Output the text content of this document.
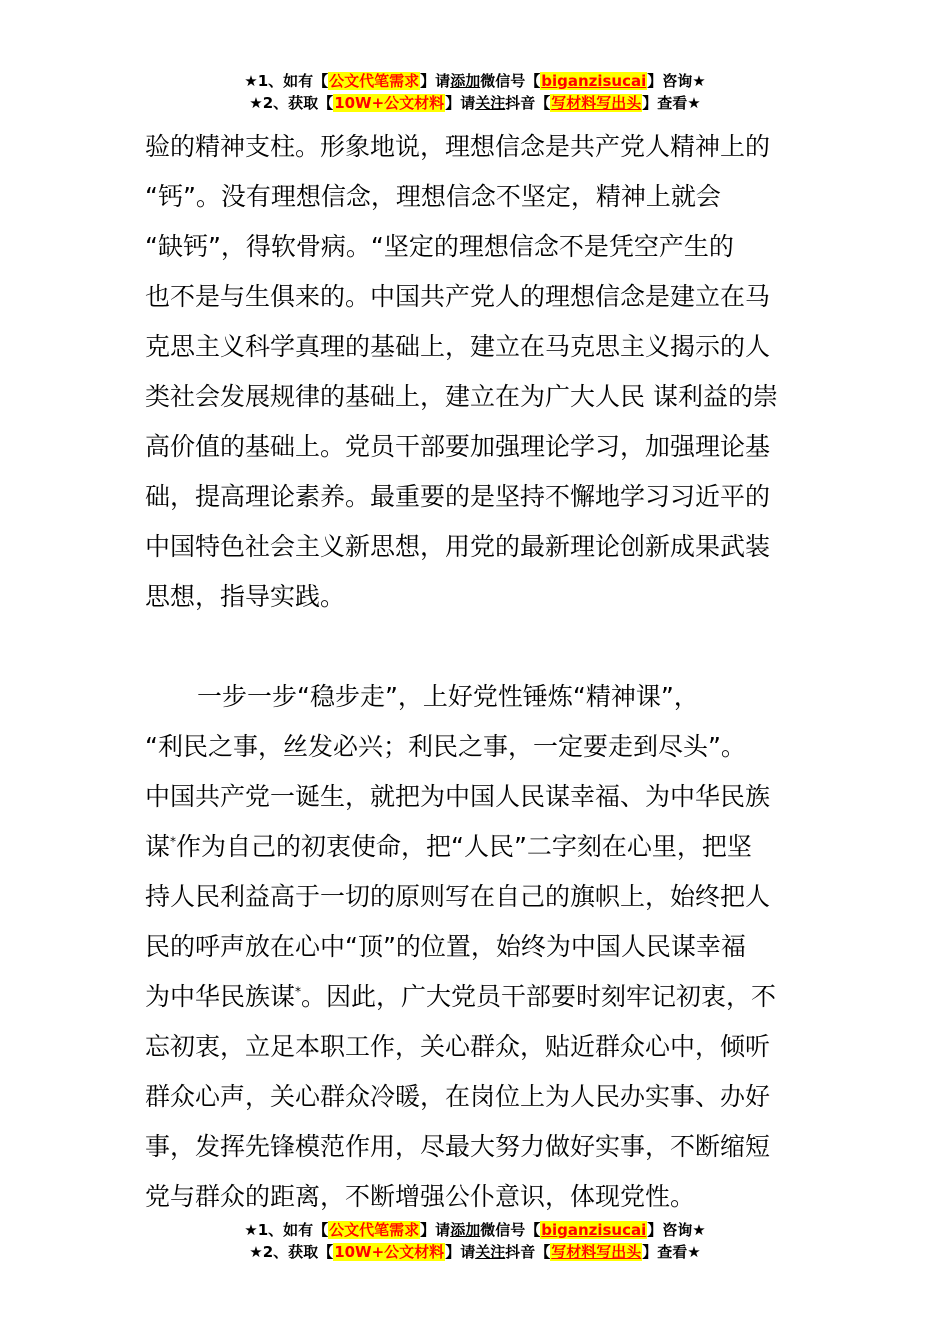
★1、如有【公文代笔需求】请添加微信号【biganzisucai】咨询★
★2、获取【10W+公文材料】请关注抖音【写材料写出头】查看★
验的精神支柱。形象地说，理想信念是共产党人精神上的
“钙”。没有理想信念，理想信念不坚定，精神上就会
“缺钙”，得软骨病。“坚定的理想信念不是凭空产生的
也不是与生俱来的。中国共产党人的理想信念是建立在马
克思主义科学真理的基础上，建立在马克思主义揭示的人
类社会发展规律的基础上，建立在为广大人民 谋利益的崇
高价值的基础上。党员干部要加强理论学习，加强理论基
础，提高理论素养。最重要的是坚持不懈地学习习近平的
中国特色社会主义新思想，用党的最新理论创新成果武装
思想，指导实践。
一步一步“稳步走”，上好党性锤炼“精神课”，
“利民之事，丝发必兴；利民之事，一定要走到尽头”。
中国共产党一诞生，就把为中国人民谋幸福、为中华民族
谋*作为自己的初衷使命，把“人民”二字刻在心里，把坚
持人民利益高于一切的原则写在自己的旗帜上，始终把人
民的呼声放在心中“顶”的位置，始终为中国人民谋幸福
为中华民族谋*。因此，广大党员干部要时刻牢记初衷，不
忘初衷，立足本职工作，关心群众，贴近群众心中，倾听
群众心声，关心群众冷暖，在岗位上为人民办实事、办好
事，发挥先锋模范作用，尽最大努力做好实事，不断缩短
党与群众的距离，不断增强公仆意识，体现党性。
★1、如有【公文代笔需求】请添加微信号【biganzisucai】咨询★
★2、获取【10W+公文材料】请关注抖音【写材料写出头】查看★
